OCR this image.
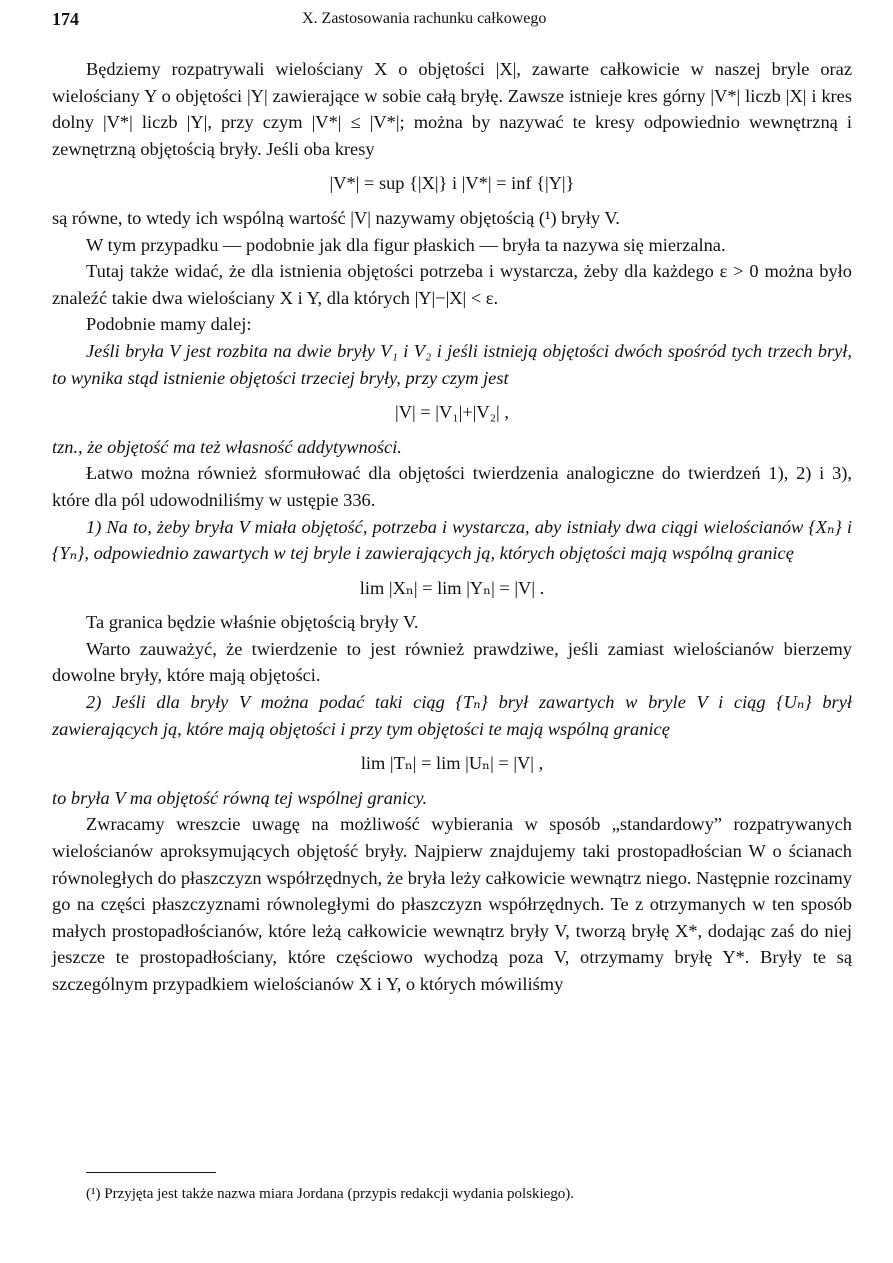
174	X. Zastosowania rachunku całkowego

Będziemy rozpatrywali wielościany X o objętości |X|, zawarte całkowicie w naszej bryle oraz wielościany Y o objętości |Y| zawierające w sobie całą bryłę. Zawsze istnieje kres górny |V*| liczb |X| i kres dolny |V*| liczb |Y|, przy czym |V*| ≤ |V*|; można by nazywać te kresy odpowiednio wewnętrzną i zewnętrzną objętością bryły. Jeśli oba kresy

|V*| = sup {|X|} i |V*| = inf {|Y|}

są równe, to wtedy ich wspólną wartość |V| nazywamy objętością (¹) bryły V.

W tym przypadku — podobnie jak dla figur płaskich — bryła ta nazywa się mierzalna.

Tutaj także widać, że dla istnienia objętości potrzeba i wystarcza, żeby dla każdego ε > 0 można było znaleźć takie dwa wielościany X i Y, dla których |Y|−|X| < ε.

Podobnie mamy dalej:

Jeśli bryła V jest rozbita na dwie bryły V₁ i V₂ i jeśli istnieją objętości dwóch spośród tych trzech brył, to wynika stąd istnienie objętości trzeciej bryły, przy czym jest

|V| = |V₁|+|V₂| ,

tzn., że objętość ma też własność addytywności.

Łatwo można również sformułować dla objętości twierdzenia analogiczne do twierdzeń 1), 2) i 3), które dla pól udowodniliśmy w ustępie 336.

1) Na to, żeby bryła V miała objętość, potrzeba i wystarcza, aby istniały dwa ciągi wielościanów {Xₙ} i {Yₙ}, odpowiednio zawartych w tej bryle i zawierających ją, których objętości mają wspólną granicę

lim |Xₙ| = lim |Yₙ| = |V| .

Ta granica będzie właśnie objętością bryły V.

Warto zauważyć, że twierdzenie to jest również prawdziwe, jeśli zamiast wielościanów bierzemy dowolne bryły, które mają objętości.

2) Jeśli dla bryły V można podać taki ciąg {Tₙ} brył zawartych w bryle V i ciąg {Uₙ} brył zawierających ją, które mają objętości i przy tym objętości te mają wspólną granicę

lim |Tₙ| = lim |Uₙ| = |V| ,

to bryła V ma objętość równą tej wspólnej granicy.

Zwracamy wreszcie uwagę na możliwość wybierania w sposób „standardowy” rozpatrywanych wielościanów aproksymujących objętość bryły. Najpierw znajdujemy taki prostopadłościan W o ścianach równoległych do płaszczyzn współrzędnych, że bryła leży całkowicie wewnątrz niego. Następnie rozcinamy go na części płaszczyznami równoległymi do płaszczyzn współrzędnych. Te z otrzymanych w ten sposób małych prostopadłościanów, które leżą całkowicie wewnątrz bryły V, tworzą bryłę X*, dodając zaś do niej jeszcze te prostopadłościany, które częściowo wychodzą poza V, otrzymamy bryłę Y*. Bryły te są szczególnym przypadkiem wielościanów X i Y, o których mówiliśmy

(¹) Przyjęta jest także nazwa miara Jordana (przypis redakcji wydania polskiego).
